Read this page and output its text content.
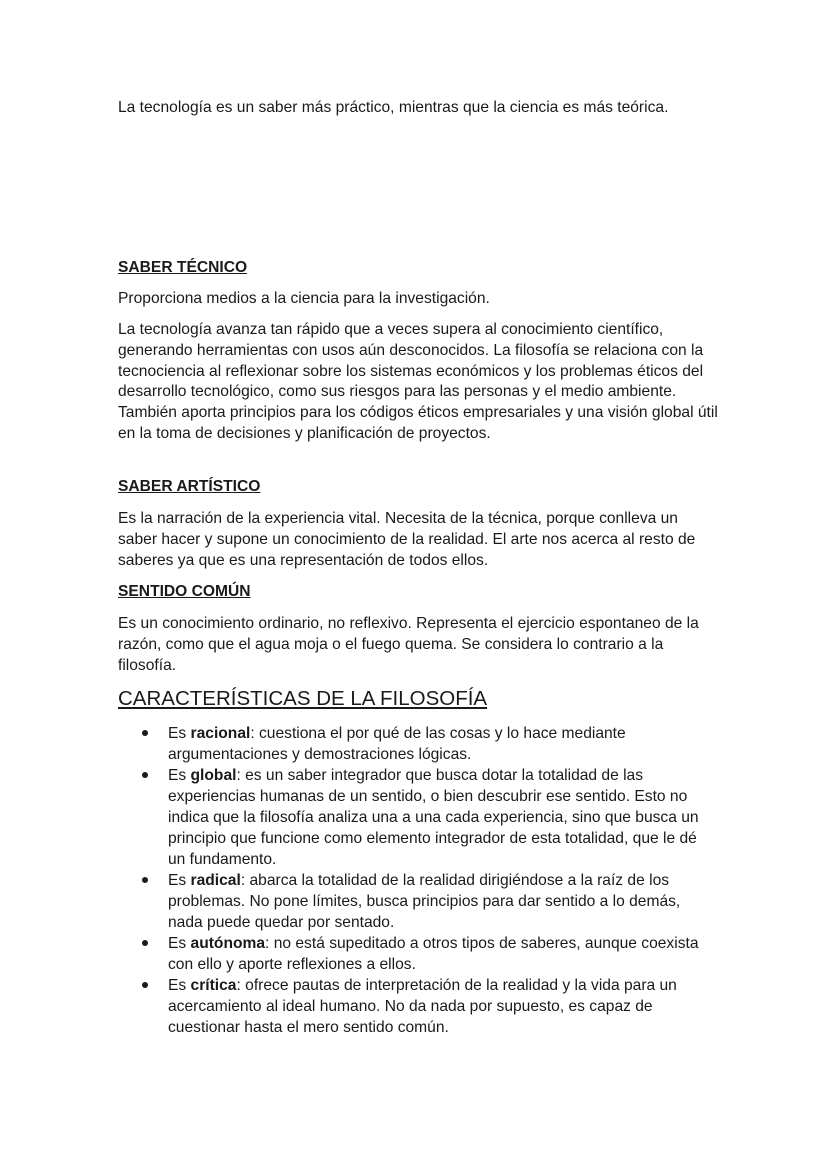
La tecnología es un saber más práctico, mientras que la ciencia es más teórica.

SABER TÉCNICO

Proporciona medios a la ciencia para la investigación.

La tecnología avanza tan rápido que a veces supera al conocimiento científico, generando herramientas con usos aún desconocidos. La filosofía se relaciona con la tecnociencia al reflexionar sobre los sistemas económicos y los problemas éticos del desarrollo tecnológico, como sus riesgos para las personas y el medio ambiente. También aporta principios para los códigos éticos empresariales y una visión global útil en la toma de decisiones y planificación de proyectos.

SABER ARTÍSTICO

Es la narración de la experiencia vital. Necesita de la técnica, porque conlleva un saber hacer y supone un conocimiento de la realidad. El arte nos acerca al resto de saberes ya que es una representación de todos ellos.

SENTIDO COMÚN

Es un conocimiento ordinario, no reflexivo. Representa el ejercicio espontaneo de la razón, como que el agua moja o el fuego quema. Se considera lo contrario a la filosofía.

CARACTERÍSTICAS DE LA FILOSOFÍA
Es racional: cuestiona el por qué de las cosas y lo hace mediante argumentaciones y demostraciones lógicas.
Es global: es un saber integrador que busca dotar la totalidad de las experiencias humanas de un sentido, o bien descubrir ese sentido. Esto no indica que la filosofía analiza una a una cada experiencia, sino que busca un principio que funcione como elemento integrador de esta totalidad, que le dé un fundamento.
Es radical: abarca la totalidad de la realidad dirigiéndose a la raíz de los problemas. No pone límites, busca principios para dar sentido a lo demás, nada puede quedar por sentado.
Es autónoma: no está supeditado a otros tipos de saberes, aunque coexista con ello y aporte reflexiones a ellos.
Es crítica: ofrece pautas de interpretación de la realidad y la vida para un acercamiento al ideal humano. No da nada por supuesto, es capaz de cuestionar hasta el mero sentido común.
